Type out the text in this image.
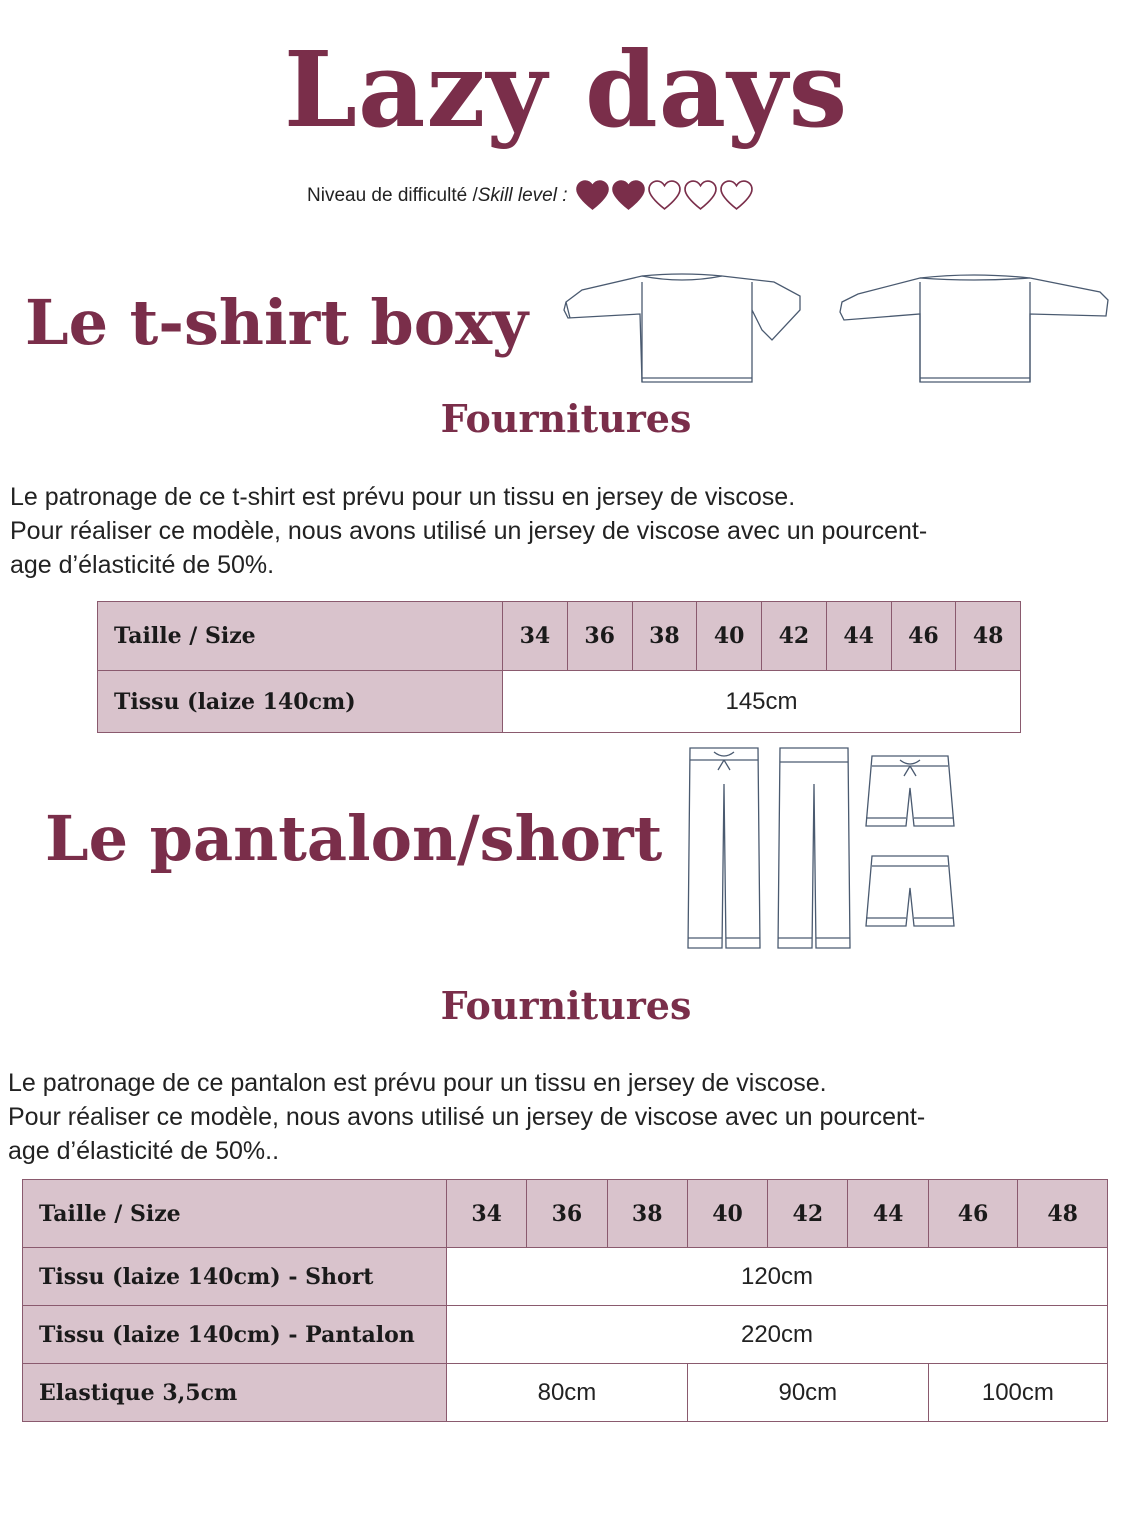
Lazy days
Niveau de difficulté / Skill level :
Le t-shirt boxy
Fournitures
Le patronage de ce t-shirt est prévu pour un tissu en jersey de viscose.
Pour réaliser ce modèle, nous avons utilisé un jersey de viscose avec un pourcent-
age d’élasticité de 50%.
Taille / Size	34	36	38	40	42	44	46	48
Tissu (laize 140cm)	145cm							
Le pantalon/short
Fournitures
Le patronage de ce pantalon est prévu pour un tissu en jersey de viscose.
Pour réaliser ce modèle, nous avons utilisé un jersey de viscose avec un pourcent-
age d’élasticité de 50%..
Taille / Size	34	36	38	40	42	44	46	48
Tissu (laize 140cm) - Short	120cm							
Tissu (laize 140cm) - Pantalon	220cm							
Elastique 3,5cm	80cm			90cm			100cm	
